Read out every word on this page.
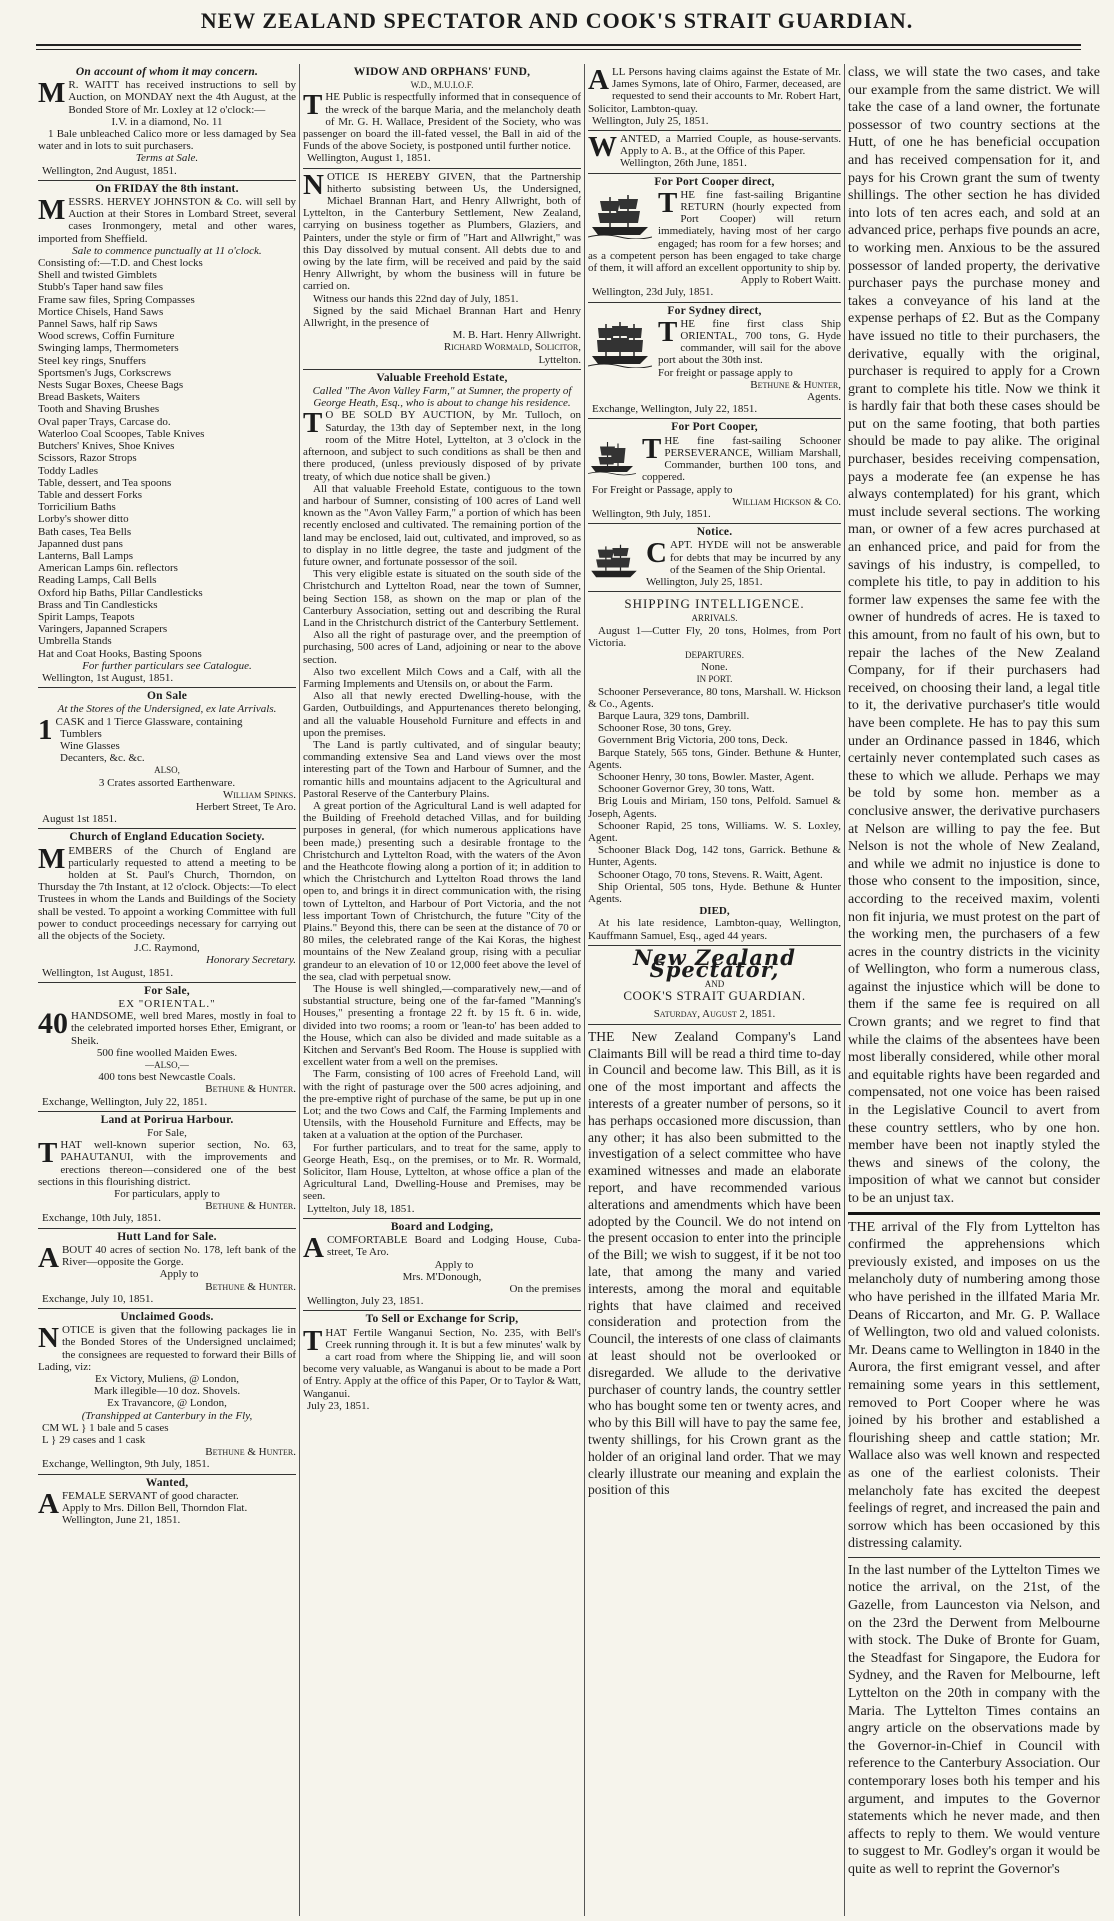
NEW ZEALAND SPECTATOR AND COOK'S STRAIT GUARDIAN.
On account of whom it may concern.
M R. WAITT has received instructions to sell by Auction, on MONDAY next the 4th August, at the Bonded Store of Mr. Loxley at 12 o'clock:—
I.V. in a diamond, No. 11
1 Bale unbleached Calico more or less damaged by Sea water and in lots to suit purchasers.
Terms at Sale.
Wellington, 2nd August, 1851.
On FRIDAY the 8th instant.
MESSRS. HERVEY JOHNSTON & Co. will sell by Auction at their Stores in Lombard Street, several cases Ironmongery, metal and other wares, imported from Sheffield.
Sale to commence punctually at 11 o'clock.
Consisting of:—T.D. and Chest locks
Shell and twisted Gimblets
Stubb's Taper hand saw files
Frame saw files, Spring Compasses
Mortice Chisels, Hand Saws
Pannel Saws, half rip Saws
Wood screws, Coffin Furniture
Swinging lamps, Thermometers
Steel key rings, Snuffers
Sportsmen's Jugs, Corkscrews
Nests Sugar Boxes, Cheese Bags
Bread Baskets, Waiters
Tooth and Shaving Brushes
Oval paper Trays, Carcase do.
Waterloo Coal Scoopes, Table Knives
Butchers' Knives, Shoe Knives
Scissors, Razor Strops
Toddy Ladles
Table, dessert, and Tea spoons
Table and dessert Forks
Torricilium Baths
Lorby's shower ditto
Bath cases, Tea Bells
Japanned dust pans
Lanterns, Ball Lamps
American Lamps 6in. reflectors
Reading Lamps, Call Bells
Oxford hip Baths, Pillar Candlesticks
Brass and Tin Candlesticks
Spirit Lamps, Teapots
Varingers, Japanned Scrapers
Umbrella Stands
Hat and Coat Hooks, Basting Spoons
For further particulars see Catalogue.
Wellington, 1st August, 1851.
On Sale
At the Stores of the Undersigned, ex late Arrivals.
1 CASK and 1 Tierce Glassware, containing
Tumblers
Wine Glasses
Decanters, &c. &c.
ALSO,
3 Crates assorted Earthenware.
William Spinks.
Herbert Street, Te Aro.
August 1st 1851.
Church of England Education Society.
MEMBERS of the Church of England are particularly requested to attend a meeting to be holden at St. Paul's Church, Thorndon, on Thursday the 7th Instant, at 12 o'clock. Objects:—To elect Trustees in whom the Lands and Buildings of the Society shall be vested. To appoint a working Committee with full power to conduct proceedings necessary for carrying out all the objects of the Society.
J.C. Raymond,
Honorary Secretary.
Wellington, 1st August, 1851.
For Sale,
EX "ORIENTAL."
40 HANDSOME, well bred Mares, mostly in foal to the celebrated imported horses Ether, Emigrant, or Sheik.
500 fine woolled Maiden Ewes.
—ALSO,—
400 tons best Newcastle Coals.
Bethune & Hunter.
Exchange, Wellington, July 22, 1851.
Land at Porirua Harbour.
For Sale,
THAT well-known superior section, No. 63, PAHAUTANUI, with the improvements and erections thereon—considered one of the best sections in this flourishing district.
For particulars, apply to
Bethune & Hunter.
Exchange, 10th July, 1851.
Hutt Land for Sale.
ABOUT 40 acres of section No. 178, left bank of the River—opposite the Gorge.
Apply to
Bethune & Hunter.
Exchange, July 10, 1851.
Unclaimed Goods.
NOTICE is given that the following packages lie in the Bonded Stores of the Undersigned unclaimed; the consignees are requested to forward their Bills of Lading, viz:
Ex Victory, Muliens, @ London,
Mark illegible—10 doz. Shovels.
Ex Travancore, @ London,
(Transhipped at Canterbury in the Fly,
CM WL } 1 bale and 5 cases
L } 29 cases and 1 cask
Bethune & Hunter.
Exchange, Wellington, 9th July, 1851.
Wanted,
AFEMALE SERVANT of good character.
Apply to Mrs. Dillon Bell, Thorndon Flat.
Wellington, June 21, 1851.
WIDOW AND ORPHANS' FUND,
W.D., M.U.I.O.F.
THE Public is respectfully informed that in consequence of the wreck of the barque Maria, and the melancholy death of Mr. G. H. Wallace, President of the Society, who was passenger on board the ill-fated vessel, the Ball in aid of the Funds of the above Society, is postponed until further notice.
Wellington, August 1, 1851.
NOTICE IS HEREBY GIVEN, that the Partnership hitherto subsisting between Us, the Undersigned, Michael Brannan Hart, and Henry Allwright, both of Lyttelton, in the Canterbury Settlement, New Zealand, carrying on business together as Plumbers, Glaziers, and Painters, under the style or firm of "Hart and Allwright," was this Day dissolved by mutual consent. All debts due to and owing by the late firm, will be received and paid by the said Henry Allwright, by whom the business will in future be carried on.
Witness our hands this 22nd day of July, 1851.
Signed by the said Michael Brannan Hart and Henry Allwright, in the presence of
M. B. Hart. Henry Allwright.
Richard Wormald, Solicitor,
Lyttelton.
Valuable Freehold Estate,
Called "The Avon Valley Farm," at Sumner, the property of George Heath, Esq., who is about to change his residence.
T O BE SOLD BY AUCTION, by Mr. Tulloch, on Saturday, the 13th day of September next, in the long room of the Mitre Hotel, Lyttelton, at 3 o'clock in the afternoon, and subject to such conditions as shall be then and there produced, (unless previously disposed of by private treaty, of which due notice shall be given.)
All that valuable Freehold Estate, contiguous to the town and harbour of Sumner, consisting of 100 acres of Land well known as the "Avon Valley Farm," a portion of which has been recently enclosed and cultivated. The remaining portion of the land may be enclosed, laid out, cultivated, and improved, so as to display in no little degree, the taste and judgment of the future owner, and fortunate possessor of the soil.
This very eligible estate is situated on the south side of the Christchurch and Lyttelton Road, near the town of Sumner, being Section 158, as shown on the map or plan of the Canterbury Association, setting out and describing the Rural Land in the Christchurch district of the Canterbury Settlement.
Also all the right of pasturage over, and the preemption of purchasing, 500 acres of Land, adjoining or near to the above section.
Also two excellent Milch Cows and a Calf, with all the Farming Implements and Utensils on, or about the Farm.
Also all that newly erected Dwelling-house, with the Garden, Outbuildings, and Appurtenances thereto belonging, and all the valuable Household Furniture and effects in and upon the premises.
The Land is partly cultivated, and of singular beauty; commanding extensive Sea and Land views over the most interesting part of the Town and Harbour of Sumner, and the romantic hills and mountains adjacent to the Agricultural and Pastoral Reserve of the Canterbury Plains.
A great portion of the Agricultural Land is well adapted for the Building of Freehold detached Villas, and for building purposes in general, (for which numerous applications have been made,) presenting such a desirable frontage to the Christchurch and Lyttelton Road, with the waters of the Avon and the Heathcote flowing along a portion of it; in addition to which the Christchurch and Lyttelton Road throws the land open to, and brings it in direct communication with, the rising town of Lyttelton, and Harbour of Port Victoria, and the not less important Town of Christchurch, the future "City of the Plains." Beyond this, there can be seen at the distance of 70 or 80 miles, the celebrated range of the Kai Koras, the highest mountains of the New Zealand group, rising with a peculiar grandeur to an elevation of 10 or 12,000 feet above the level of the sea, clad with perpetual snow.
The House is well shingled,—comparatively new,—and of substantial structure, being one of the far-famed "Manning's Houses," presenting a frontage 22 ft. by 15 ft. 6 in. wide, divided into two rooms; a room or 'lean-to' has been added to the House, which can also be divided and made suitable as a Kitchen and Servant's Bed Room. The House is supplied with excellent water from a well on the premises.
The Farm, consisting of 100 acres of Freehold Land, will with the right of pasturage over the 500 acres adjoining, and the pre-emptive right of purchase of the same, be put up in one Lot; and the two Cows and Calf, the Farming Implements and Utensils, with the Household Furniture and Effects, may be taken at a valuation at the option of the Purchaser.
For further particulars, and to treat for the same, apply to George Heath, Esq., on the premises, or to Mr. R. Wormald, Solicitor, Ilam House, Lyttelton, at whose office a plan of the Agricultural Land, Dwelling-House and Premises, may be seen.
Lyttelton, July 18, 1851.
Board and Lodging,
ACOMFORTABLE Board and Lodging House, Cuba-street, Te Aro.
Apply to
Mrs. M'Donough,
On the premises
Wellington, July 23, 1851.
To Sell or Exchange for Scrip,
THAT Fertile Wanganui Section, No. 235, with Bell's Creek running through it. It is but a few minutes' walk by a cart road from where the Shipping lie, and will soon become very valuable, as Wanganui is about to be made a Port of Entry. Apply at the office of this Paper, Or to Taylor & Watt, Wanganui.
July 23, 1851.
ALL Persons having claims against the Estate of Mr. James Symons, late of Ohiro, Farmer, deceased, are requested to send their accounts to Mr. Robert Hart, Solicitor, Lambton-quay.
Wellington, July 25, 1851.
WANTED, a Married Couple, as house-servants. Apply to A. B., at the Office of this Paper.
Wellington, 26th June, 1851.
For Port Cooper direct,
THE fine fast-sailing Brigantine RETURN (hourly expected from Port Cooper) will return immediately, having most of her cargo engaged; has room for a few horses; and as a competent person has been engaged to take charge of them, it will afford an excellent opportunity to ship by.
Apply to Robert Waitt.
Wellington, 23d July, 1851.
For Sydney direct,
THE fine first class Ship ORIENTAL, 700 tons, G. Hyde commander, will sail for the above port about the 30th inst.
For freight or passage apply to
Bethune & Hunter,
Agents.
Exchange, Wellington, July 22, 1851.
For Port Cooper,
THE fine fast-sailing Schooner PERSEVERANCE, William Marshall, Commander, burthen 100 tons, and coppered.
For Freight or Passage, apply to
William Hickson & Co.
Wellington, 9th July, 1851.
Notice.
CAPT. HYDE will not be answerable for debts that may be incurred by any of the Seamen of the Ship Oriental.
Wellington, July 25, 1851.
SHIPPING INTELLIGENCE.
ARRIVALS.
August 1—Cutter Fly, 20 tons, Holmes, from Port Victoria.
DEPARTURES.
None.
IN PORT.
Schooner Perseverance, 80 tons, Marshall. W. Hickson & Co., Agents.
Barque Laura, 329 tons, Dambrill.
Schooner Rose, 30 tons, Grey.
Government Brig Victoria, 200 tons, Deck.
Barque Stately, 565 tons, Ginder. Bethune & Hunter, Agents.
Schooner Henry, 30 tons, Bowler. Master, Agent.
Schooner Governor Grey, 30 tons, Watt.
Brig Louis and Miriam, 150 tons, Pelfold. Samuel & Joseph, Agents.
Schooner Rapid, 25 tons, Williams. W. S. Loxley, Agent.
Schooner Black Dog, 142 tons, Garrick. Bethune & Hunter, Agents.
Schooner Otago, 70 tons, Stevens. R. Waitt, Agent.
Ship Oriental, 505 tons, Hyde. Bethune & Hunter Agents.
DIED,
At his late residence, Lambton-quay, Wellington, Kauffmann Samuel, Esq., aged 44 years.
New Zealand Spectator,
AND
COOK'S STRAIT GUARDIAN.
Saturday, August 2, 1851.
THE New Zealand Company's Land Claimants Bill will be read a third time to-day in Council and become law. This Bill, as it is one of the most important and affects the interests of a greater number of persons, so it has perhaps occasioned more discussion, than any other; it has also been submitted to the investigation of a select committee who have examined witnesses and made an elaborate report, and have recommended various alterations and amendments which have been adopted by the Council. We do not intend on the present occasion to enter into the principle of the Bill; we wish to suggest, if it be not too late, that among the many and varied interests, among the moral and equitable rights that have claimed and received consideration and protection from the Council, the interests of one class of claimants at least should not be overlooked or disregarded. We allude to the derivative purchaser of country lands, the country settler who has bought some ten or twenty acres, and who by this Bill will have to pay the same fee, twenty shillings, for his Crown grant as the holder of an original land order. That we may clearly illustrate our meaning and explain the position of this
class, we will state the two cases, and take our example from the same district. We will take the case of a land owner, the fortunate possessor of two country sections at the Hutt, of one he has beneficial occupation and has received compensation for it, and pays for his Crown grant the sum of twenty shillings. The other section he has divided into lots of ten acres each, and sold at an advanced price, perhaps five pounds an acre, to working men. Anxious to be the assured possessor of landed property, the derivative purchaser pays the purchase money and takes a conveyance of his land at the expense perhaps of £2. But as the Company have issued no title to their purchasers, the derivative, equally with the original, purchaser is required to apply for a Crown grant to complete his title. Now we think it is hardly fair that both these cases should be put on the same footing, that both parties should be made to pay alike. The original purchaser, besides receiving compensation, pays a moderate fee (an expense he has always contemplated) for his grant, which must include several sections. The working man, or owner of a few acres purchased at an enhanced price, and paid for from the savings of his industry, is compelled, to complete his title, to pay in addition to his former law expenses the same fee with the owner of hundreds of acres. He is taxed to this amount, from no fault of his own, but to repair the laches of the New Zealand Company, for if their purchasers had received, on choosing their land, a legal title to it, the derivative purchaser's title would have been complete. He has to pay this sum under an Ordinance passed in 1846, which certainly never contemplated such cases as these to which we allude. Perhaps we may be told by some hon. member as a conclusive answer, the derivative purchasers at Nelson are willing to pay the fee. But Nelson is not the whole of New Zealand, and while we admit no injustice is done to those who consent to the imposition, since, according to the received maxim, volenti non fit injuria, we must protest on the part of the working men, the purchasers of a few acres in the country districts in the vicinity of Wellington, who form a numerous class, against the injustice which will be done to them if the same fee is required on all Crown grants; and we regret to find that while the claims of the absentees have been most liberally considered, while other moral and equitable rights have been regarded and compensated, not one voice has been raised in the Legislative Council to avert from these country settlers, who by one hon. member have been not inaptly styled the thews and sinews of the colony, the imposition of what we cannot but consider to be an unjust tax.
THE arrival of the Fly from Lyttelton has confirmed the apprehensions which previously existed, and imposes on us the melancholy duty of numbering among those who have perished in the illfated Maria Mr. Deans of Riccarton, and Mr. G. P. Wallace of Wellington, two old and valued colonists. Mr. Deans came to Wellington in 1840 in the Aurora, the first emigrant vessel, and after remaining some years in this settlement, removed to Port Cooper where he was joined by his brother and established a flourishing sheep and cattle station; Mr. Wallace also was well known and respected as one of the earliest colonists. Their melancholy fate has excited the deepest feelings of regret, and increased the pain and sorrow which has been occasioned by this distressing calamity.
In the last number of the Lyttelton Times we notice the arrival, on the 21st, of the Gazelle, from Launceston via Nelson, and on the 23rd the Derwent from Melbourne with stock. The Duke of Bronte for Guam, the Steadfast for Singapore, the Eudora for Sydney, and the Raven for Melbourne, left Lyttelton on the 20th in company with the Maria. The Lyttelton Times contains an angry article on the observations made by the Governor-in-Chief in Council with reference to the Canterbury Association. Our contemporary loses both his temper and his argument, and imputes to the Governor statements which he never made, and then affects to reply to them. We would venture to suggest to Mr. Godley's organ it would be quite as well to reprint the Governor's
